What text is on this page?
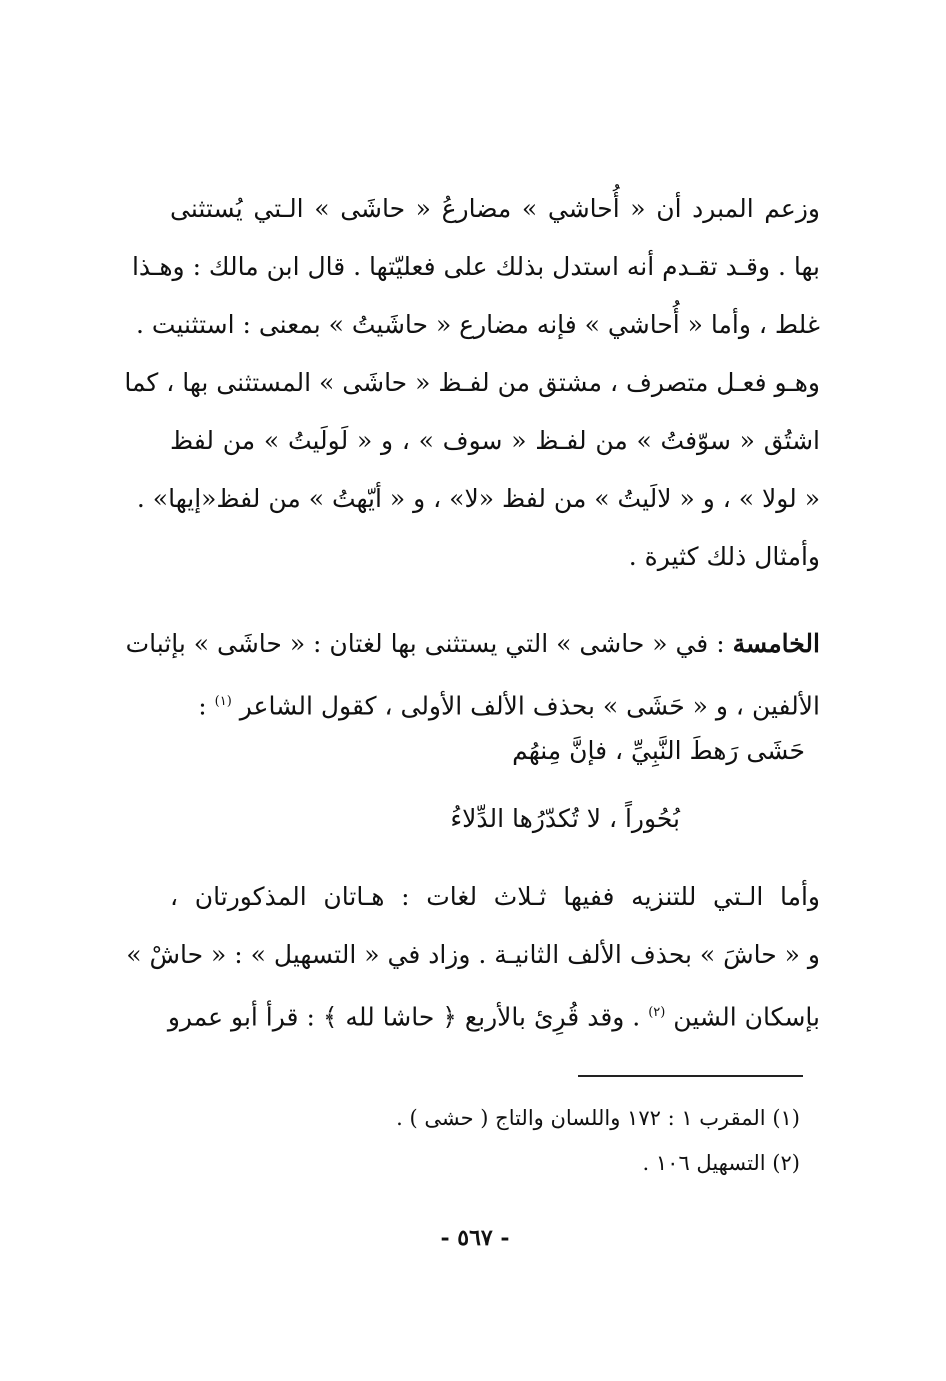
وزعم المبرد أن « أُحاشي » مضارعُ « حاشَى » الـتي يُستثنى
بها . وقـد تقـدم أنه استدل بذلك على فعليّتها . قال ابن مالك : وهـذا
غلط ، وأما « أُحاشي » فإنه مضارع « حاشَيتُ » بمعنى : استثنيت .
وهـو فعـل متصرف ، مشتق من لفـظ « حاشَى » المستثنى بها ، كما
اشتُق « سوّفتُ » من لفـظ « سوف » ، و « لَولَيتُ » من لفظ
« لولا » ، و « لالَيتُ » من لفظ «لا» ، و « أيّهتُ » من لفظ«إيها» .
وأمثال ذلك كثيرة .
الخامسة : في « حاشى » التي يستثنى بها لغتان : « حاشَى » بإثبات
الألفين ، و « حَشَى » بحذف الألف الأولى ، كقول الشاعر $^{(١)}$ :
حَشَى رَهطَ النَّبِيِّ ، فإنَّ مِنهُم
بُحُوراً ، لا تُكدّرُها الدِّلاءُ
وأما الـتي للتنزيه ففيها ثـلاث لغات : هـاتان المذكورتان ،
و « حاشَ » بحذف الألف الثانيـة . وزاد في « التسهيل » : « حاشْ »
بإسكان الشين $^{(٢)}$ . وقد قُرِئ بالأربع ﴿ حاشا لله ﴾ : قرأ أبو عمرو
(١) المقرب ١ : ١٧٢ واللسان والتاج ( حشى ) .
(٢) التسهيل ١٠٦ .
- ٥٦٧ -
